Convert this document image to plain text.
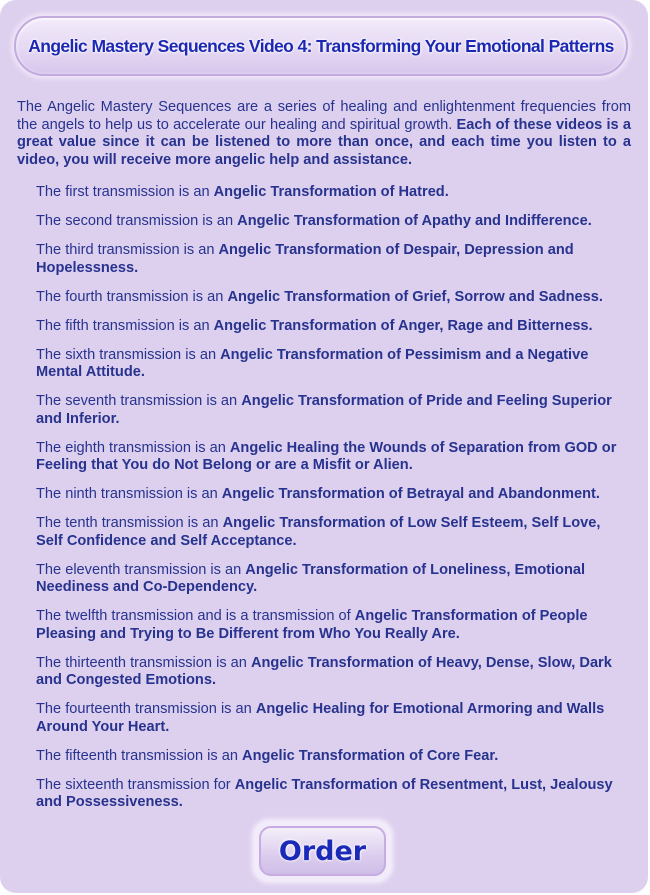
Angelic Mastery Sequences Video 4: Transforming Your Emotional Patterns

The Angelic Mastery Sequences are a series of healing and enlightenment frequencies from the angels to help us to accelerate our healing and spiritual growth. Each of these videos is a great value since it can be listened to more than once, and each time you listen to a video, you will receive more angelic help and assistance.

The first transmission is an Angelic Transformation of Hatred.
The second transmission is an Angelic Transformation of Apathy and Indifference.
The third transmission is an Angelic Transformation of Despair, Depression and Hopelessness.
The fourth transmission is an Angelic Transformation of Grief, Sorrow and Sadness.
The fifth transmission is an Angelic Transformation of Anger, Rage and Bitterness.
The sixth transmission is an Angelic Transformation of Pessimism and a Negative Mental Attitude.
The seventh transmission is an Angelic Transformation of Pride and Feeling Superior and Inferior.
The eighth transmission is an Angelic Healing the Wounds of Separation from GOD or Feeling that You do Not Belong or are a Misfit or Alien.
The ninth transmission is an Angelic Transformation of Betrayal and Abandonment.
The tenth transmission is an Angelic Transformation of Low Self Esteem, Self Love, Self Confidence and Self Acceptance.
The eleventh transmission is an Angelic Transformation of Loneliness, Emotional Neediness and Co-Dependency.
The twelfth transmission and is a transmission of Angelic Transformation of People Pleasing and Trying to Be Different from Who You Really Are.
The thirteenth transmission is an Angelic Transformation of Heavy, Dense, Slow, Dark and Congested Emotions.
The fourteenth transmission is an Angelic Healing for Emotional Armoring and Walls Around Your Heart.
The fifteenth transmission is an Angelic Transformation of Core Fear.
The sixteenth transmission for Angelic Transformation of Resentment, Lust, Jealousy and Possessiveness.
Order
